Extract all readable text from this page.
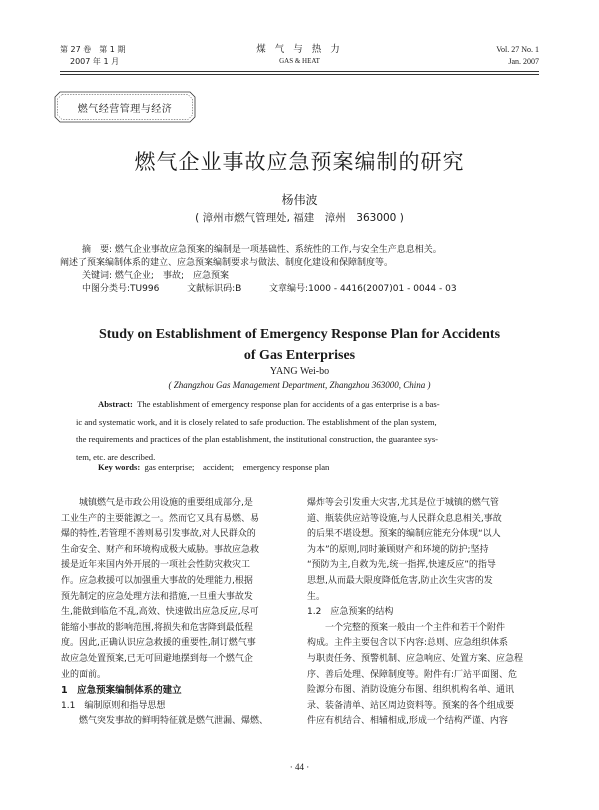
第 27 卷　第 1 期
2007 年 1 月
煤 气 与 热 力
GAS & HEAT
Vol. 27 No. 1
Jan. 2007
燃气经营管理与经济
燃气企业事故应急预案编制的研究
杨伟波
( 漳州市燃气管理处, 福建　漳州　363000 )

摘　要: 燃气企业事故应急预案的编制是一项基础性、系统性的工作,与安全生产息息相关。

阐述了预案编制体系的建立、应急预案编制要求与做法、制度化建设和保障制度等。

关键词: 燃气企业;　事故;　应急预案

中图分类号:TU996	文献标识码:B	文章编号:1000 - 4416(2007)01 - 0044 - 03

Study on Establishment of Emergency Response Plan for Accidents
of Gas Enterprises
YANG Wei-bo
( Zhangzhou Gas Management Department, Zhangzhou 363000, China )
Abstract: The establishment of emergency response plan for accidents of a gas enterprise is a bas-
ic and systematic work, and it is closely related to safe production. The establishment of the plan system,
the requirements and practices of the plan establishment, the institutional construction, the guarantee sys-
tem, etc. are described.
Key words: gas enterprise;　accident;　emergency response plan

城镇燃气是市政公用设施的重要组成部分,是

工业生产的主要能源之一。然而它又具有易燃、易

爆的特性,若管理不善则易引发事故,对人民群众的

生命安全、财产和环境构成极大威胁。事故应急救

援是近年来国内外开展的一项社会性防灾救灾工

作。应急救援可以加强重大事故的处理能力,根据

预先制定的应急处理方法和措施,一旦重大事故发

生,能做到临危不乱,高效、快速做出应急反应,尽可

能缩小事故的影响范围,将损失和危害降到最低程

度。因此,正确认识应急救援的重要性,制订燃气事

故应急处置预案,已无可回避地摆到每一个燃气企

业的面前。

1　应急预案编制体系的建立

1.1　编制原则和指导思想

燃气突发事故的鲜明特征就是燃气泄漏、爆燃、

爆炸等会引发重大灾害,尤其是位于城镇的燃气管

道、瓶装供应站等设施,与人民群众息息相关,事故

的后果不堪设想。预案的编制应能充分体现“以人

为本”的原则,同时兼顾财产和环境的防护;坚持

“预防为主,自救为先,统一指挥,快速反应”的指导

思想,从而最大限度降低危害,防止次生灾害的发

生。

1.2　应急预案的结构

一个完整的预案一般由一个主件和若干个附件

构成。主件主要包含以下内容:总则、应急组织体系

与职责任务、预警机制、应急响应、处置方案、应急程

序、善后处理、保障制度等。附件有:厂站平面图、危

险源分布图、消防设施分布图、组织机构名单、通讯

录、装备清单、站区周边资料等。预案的各个组成要

件应有机结合、相辅相成,形成一个结构严谨、内容

· 44 ·
